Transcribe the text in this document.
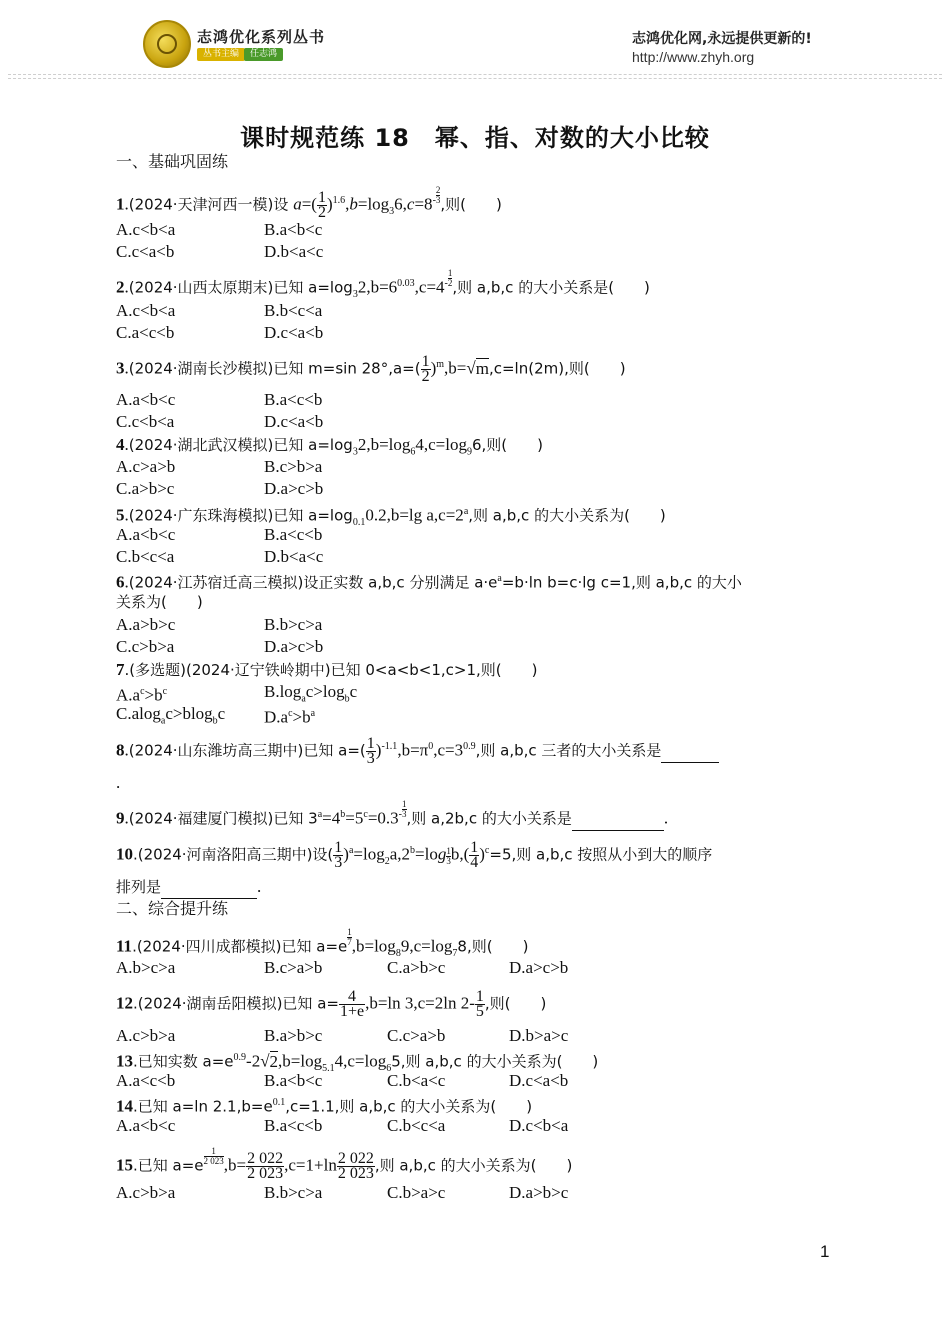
志鸿优化系列丛书
丛书主编	任志鸿
志鸿优化网,永远提供更新的!
http://www.zhyh.org
课时规范练 18　幂、指、对数的大小比较
一、基础巩固练
1.(2024·天津河西一模)设 $a=( \frac{1}{2} )^{1.6},b=\log_36,c=8^- \frac{2}{3}$,则(　　)
A.c<b<a	B.a<b<c
C.c<a<b	D.b<a<c
2.(2024·山西太原期末)已知 $a=\log_32,b=6^{0.03},c=4^- \frac{1}{2}$,则 a,b,c 的大小关系是(　　)
A.c<b<a	B.b<c<a
C.a<c<b	D.c<a<b
3.(2024·湖南长沙模拟)已知 m=sin $28^\circ,a=( \frac{1}{2} )^m,b=√m,c=\ln(2m)$,则(　　)
A.a<b<c	B.a<c<b
C.c<b<a	D.c<a<b
4.(2024·湖北武汉模拟)已知 $a=\log_32,b=\log_64,c=\log_96$,则(　　)
A.c>a>b	B.c>b>a
C.a>b>c	D.a>c>b
5.(2024·广东珠海模拟)已知 $a=\log_{0.1}0.2,b=\lg$ $a,c=2^a$,则 a,b,c 的大小关系为(　　)
A.a<b<c	B.a<c<b
C.b<c<a	D.b<a<c
6.(2024·江苏宿迁高三模拟)设正实数 a,b,c 分别满足 $a\cdot e^a=b\cdot\ln$ b=c·lg c=1,则 a,b,c 的大小
关系为(　　)
A.a>b>c	B.b>c>a
C.c>b>a	D.a>c>b
7.(多选题)(2024·辽宁铁岭期中)已知 0<a<b<1,c>1,则(　　)
$A.a^c>b^c$	$B.\log_ac>\log_bc$
C.alog$_a$c>blog$_b$c $D.a^c>b^a$
8.(2024·山东潍坊高三期中)已知 $a=( \frac{1}{3} )^{-1.1},b=\pi^0,c=3^{0.9}$,则 a,b,c 三者的大小关系是
.
9.(2024·福建厦门模拟)已知 $3^a=4^b=5^c=0.3^- \frac{1}{3}$,则 a,2b,c 的大小关系是	.
10.(2024·河南洛阳高三期中)设( $\frac{1}{3} )^a=\log_2a,2^b=\log \frac{1}{3}b,( \frac{1}{4} )^c=5$,则 a,b,c 按照从小到大的顺序
排列是	.
二、综合提升练
11.(2024·四川成都模拟)已知 $a=e \frac{1}{7},b=\log_89,c=\log_78$,则(　　)
A.b>c>a	B.c>a>b	C.a>b>c	D.a>c>b
12.(2024·湖南岳阳模拟)已知 $a= \frac{4}{1+e} ,b=\ln$ 3,c=2ln $2- \frac{1}{5}$ ,则(　　)
A.c>b>a	B.a>b>c	C.c>a>b	D.b>a>c
13.已知实数 $a=e^{0.9}-2√2,b=\log_{5.1}4,c=\log_65$,则 a,b,c 的大小关系为(　　)
A.a<c<b	B.a<b<c	C.b<a<c	D.c<a<b
14.已知 a=ln $2.1,b=e^{0.1},c=1.1$,则 a,b,c 的大小关系为(　　)
A.a<b<c	B.a<c<b	C.b<c<a	D.c<b<a
15.已知 $a=e \frac{1}{2 023},b= \frac{2 022}{2 023} ,c=1+\ln \frac{2 022}{2 023}$ ,则 a,b,c 的大小关系为(　　)
A.c>b>a	B.b>c>a	C.b>a>c	D.a>b>c
1
